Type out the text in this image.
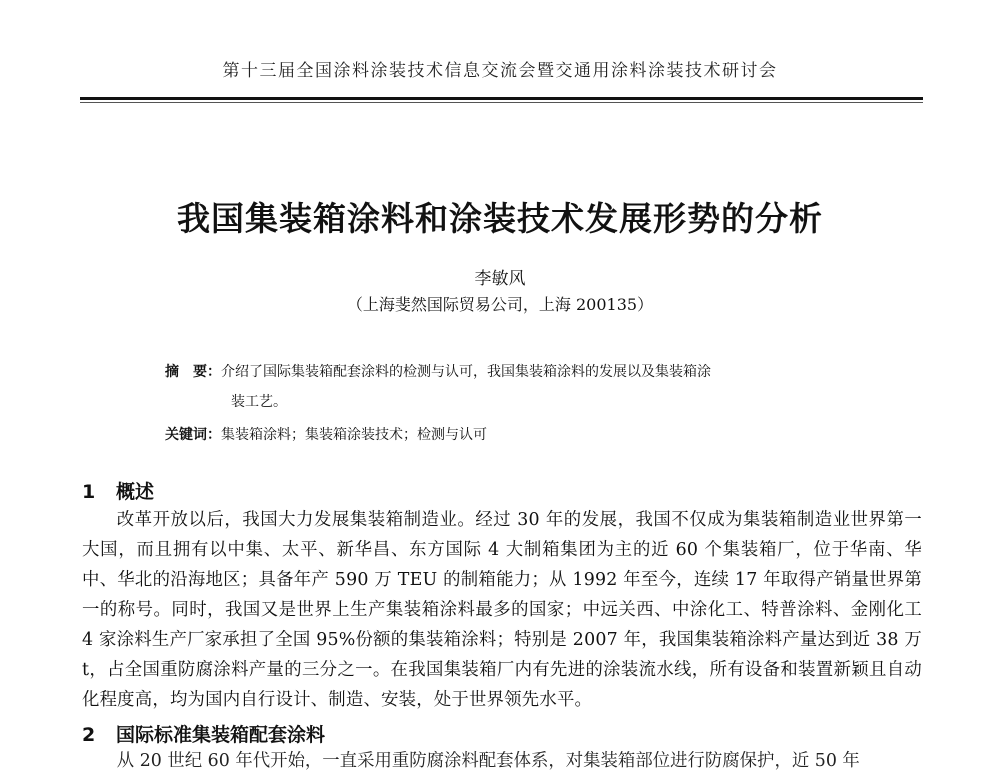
第十三届全国涂料涂装技术信息交流会暨交通用涂料涂装技术研讨会
我国集装箱涂料和涂装技术发展形势的分析
李敏风
（上海斐然国际贸易公司，上海 200135）
摘　要：介绍了国际集装箱配套涂料的检测与认可，我国集装箱涂料的发展以及集装箱涂
装工艺。
关键词：集装箱涂料；集装箱涂装技术；检测与认可
1 概述
改革开放以后，我国大力发展集装箱制造业。经过 30 年的发展，我国不仅成为集装箱制造业世界第一大国，而且拥有以中集、太平、新华昌、东方国际 4 大制箱集团为主的近 60 个集装箱厂，位于华南、华中、华北的沿海地区；具备年产 590 万 TEU 的制箱能力；从 1992 年至今，连续 17 年取得产销量世界第一的称号。同时，我国又是世界上生产集装箱涂料最多的国家；中远关西、中涂化工、特普涂料、金刚化工 4 家涂料生产厂家承担了全国 95%份额的集装箱涂料；特别是 2007 年，我国集装箱涂料产量达到近 38 万 t，占全国重防腐涂料产量的三分之一。在我国集装箱厂内有先进的涂装流水线，所有设备和装置新颖且自动化程度高，均为国内自行设计、制造、安装，处于世界领先水平。
2 国际标准集装箱配套涂料
从 20 世纪 60 年代开始，一直采用重防腐涂料配套体系，对集装箱部位进行防腐保护，近 50 年
